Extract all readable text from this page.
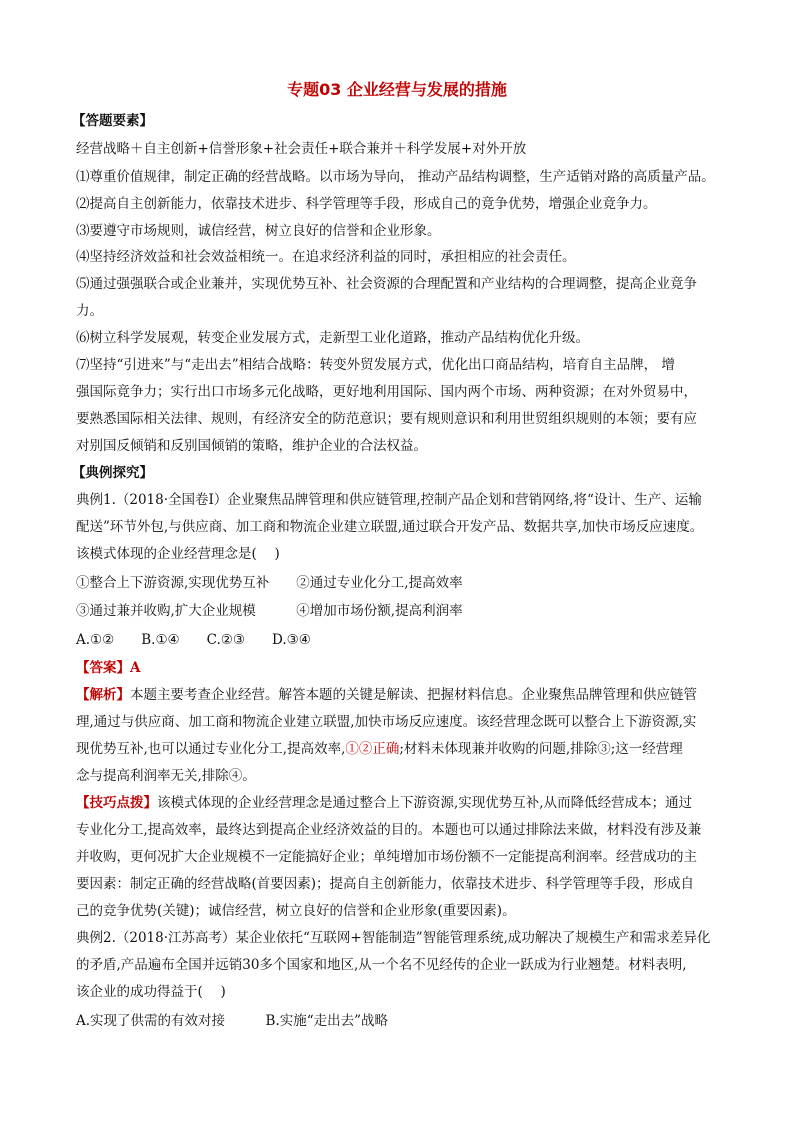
专题03 企业经营与发展的措施
【答题要素】
经营战略＋自主创新+信誉形象+社会责任+联合兼并＋科学发展+对外开放
⑴尊重价值规律，制定正确的经营战略。以市场为导向， 推动产品结构调整，生产适销对路的高质量产品。
⑵提高自主创新能力，依靠技术进步、科学管理等手段，形成自己的竟争优势，增强企业竟争力。
⑶要遵守市场规则，诚信经营，树立良好的信誉和企业形象。
⑷坚持经济效益和社会效益相统一。在追求经济利益的同时，承担相应的社会责任。
⑸通过强强联合或企业兼并，实现优势互补、社会资源的合理配置和产业结构的合理调整，提高企业竟争
力。
⑹树立科学发展观，转变企业发展方式，走新型工业化道路，推动产品结构优化升级。
⑺坚持“引进来”与“走出去”相结合战略：转变外贸发展方式，优化出口商品结构，培育自主品牌， 增
强国际竟争力；实行出口市场多元化战略，更好地利用国际、国内两个市场、两种资源；在对外贸易中，
要熟悉国际相关法律、规则，有经济安全的防范意识；要有规则意识和利用世贸组织规则的本领；要有应
对别国反倾销和反别国倾销的策略，维护企业的合法权益。
【典例探究】
典例1.（2018·全国卷Ⅰ）企业聚焦品牌管理和供应链管理,控制产品企划和营销网络,将“设计、生产、运输
配送”环节外包,与供应商、加工商和物流企业建立联盟,通过联合开发产品、数据共享,加快市场反应速度。
该模式体现的企业经营理念是(　 )
①整合上下游资源,实现优势互补　　②通过专业化分工,提高效率
③通过兼并收购,扩大企业规模　　　④增加市场份额,提高利润率
A.①②　　B.①④　　C.②③　　D.③④
【答案】A
【解析】本题主要考查企业经营。解答本题的关键是解读、把握材料信息。企业聚焦品牌管理和供应链管
理,通过与供应商、加工商和物流企业建立联盟,加快市场反应速度。该经营理念既可以整合上下游资源,实
现优势互补,也可以通过专业化分工,提高效率,①②正确;材料未体现兼并收购的问题,排除③;这一经营理
念与提高利润率无关,排除④。
【技巧点拨】该模式体现的企业经营理念是通过整合上下游资源,实现优势互补,从而降低经营成本；通过
专业化分工,提高效率，最终达到提高企业经济效益的目的。本题也可以通过排除法来做，材料没有涉及兼
并收购，更何况扩大企业规模不一定能搞好企业；单纯增加市场份额不一定能提高利润率。经营成功的主
要因素：制定正确的经营战略(首要因素)；提高自主创新能力，依靠技术进步、科学管理等手段，形成自
己的竞争优势(关键)；诚信经营，树立良好的信誉和企业形象(重要因素)。
典例2.（2018·江苏高考）某企业依托“互联网+智能制造”智能管理系统,成功解决了规模生产和需求差异化
的矛盾,产品遍布全国并远销30多个国家和地区,从一个名不见经传的企业一跃成为行业翘楚。材料表明,
该企业的成功得益于(　 )
A.实现了供需的有效对接　　　B.实施“走出去”战略
